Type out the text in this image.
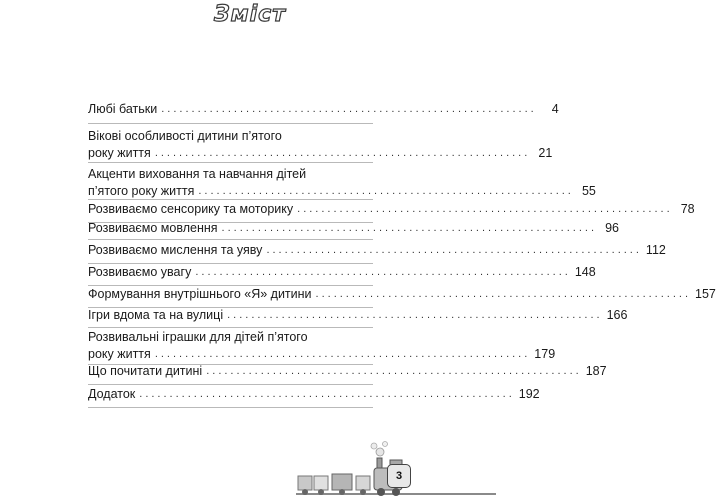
Зміст
Любі батьки ..............................................................	4
Вікові особливості дитини п’ятого
року життя .............................................................. 21
Акценти виховання та навчання дітей
п’ятого року життя .............................................................. 55
Розвиваємо сенсорику та моторику .............................................................. 78
Розвиваємо мовлення .............................................................. 96
Розвиваємо мислення та уяву .............................................................. 112
Розвиваємо увагу .............................................................. 148
Формування внутрішнього «Я» дитини .............................................................. 157
Ігри вдома та на вулиці .............................................................. 166
Розвивальні іграшки для дітей п’ятого
року життя .............................................................. 179
Що почитати дитині .............................................................. 187
Додаток .............................................................. 192
3
